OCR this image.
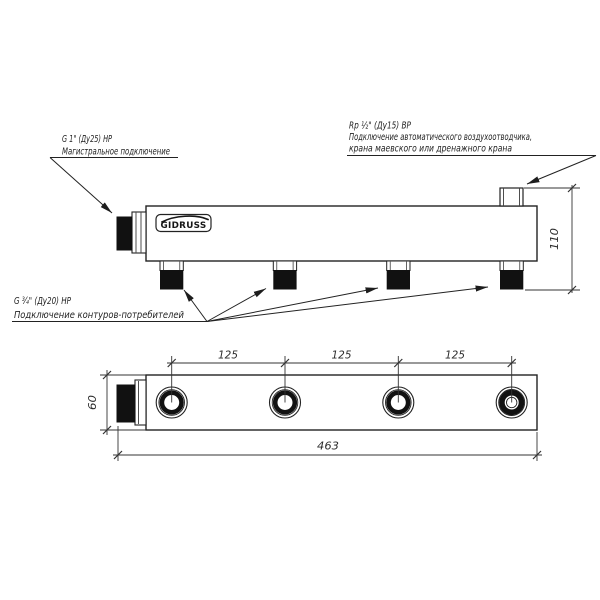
GIDRUSS
110
G 1" (Ду25) НР
Магистральное подключение
Rp ½" (Ду15) ВР
Подключение автоматического воздухоотводчика,
крана маевского или дренажного крана
G ¾" (Ду20) НР
Подключение контуров-потребителей
125	125	125
463
60
